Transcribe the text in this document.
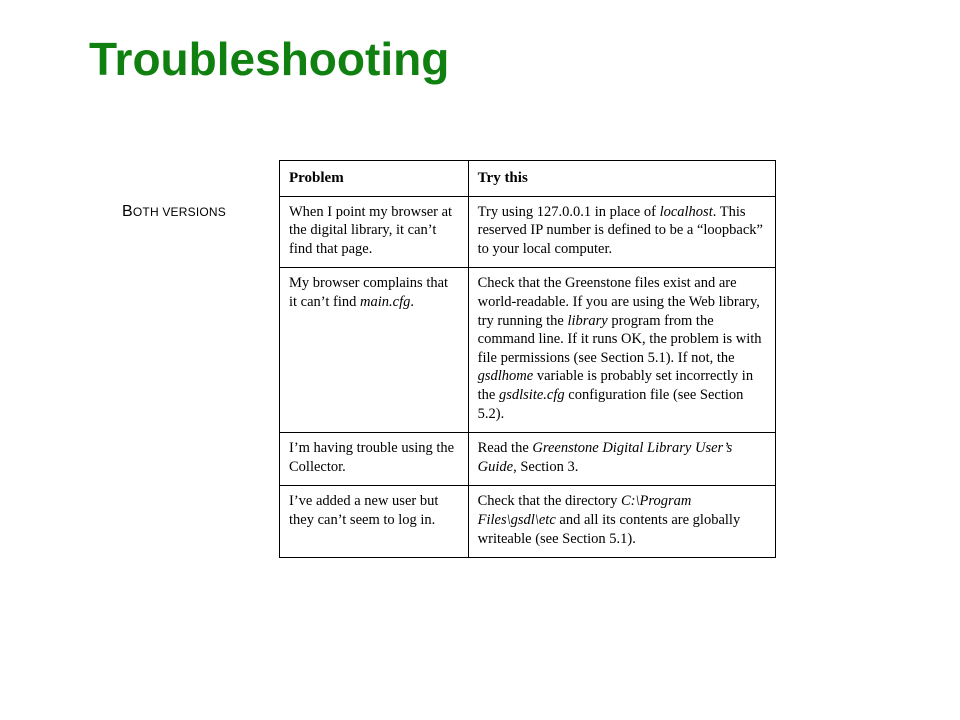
Troubleshooting
BOTH VERSIONS
Problem	Try this
When I point my browser at the digital library, it can’t find that page.	Try using 127.0.0.1 in place of localhost. This reserved IP number is defined to be a “loopback” to your local computer.
My browser complains that it can’t find main.cfg.	Check that the Greenstone files exist and are world-readable. If you are using the Web library, try running the library program from the command line. If it runs OK, the problem is with file permissions (see Section 5.1). If not, the gsdlhome variable is probably set incorrectly in the gsdlsite.cfg configuration file (see Section 5.2).
I’m having trouble using the Collector.	Read the Greenstone Digital Library User’s Guide, Section 3.
I’ve added a new user but they can’t seem to log in.	Check that the directory C:\Program Files\gsdl\etc and all its contents are globally writeable (see Section 5.1).
